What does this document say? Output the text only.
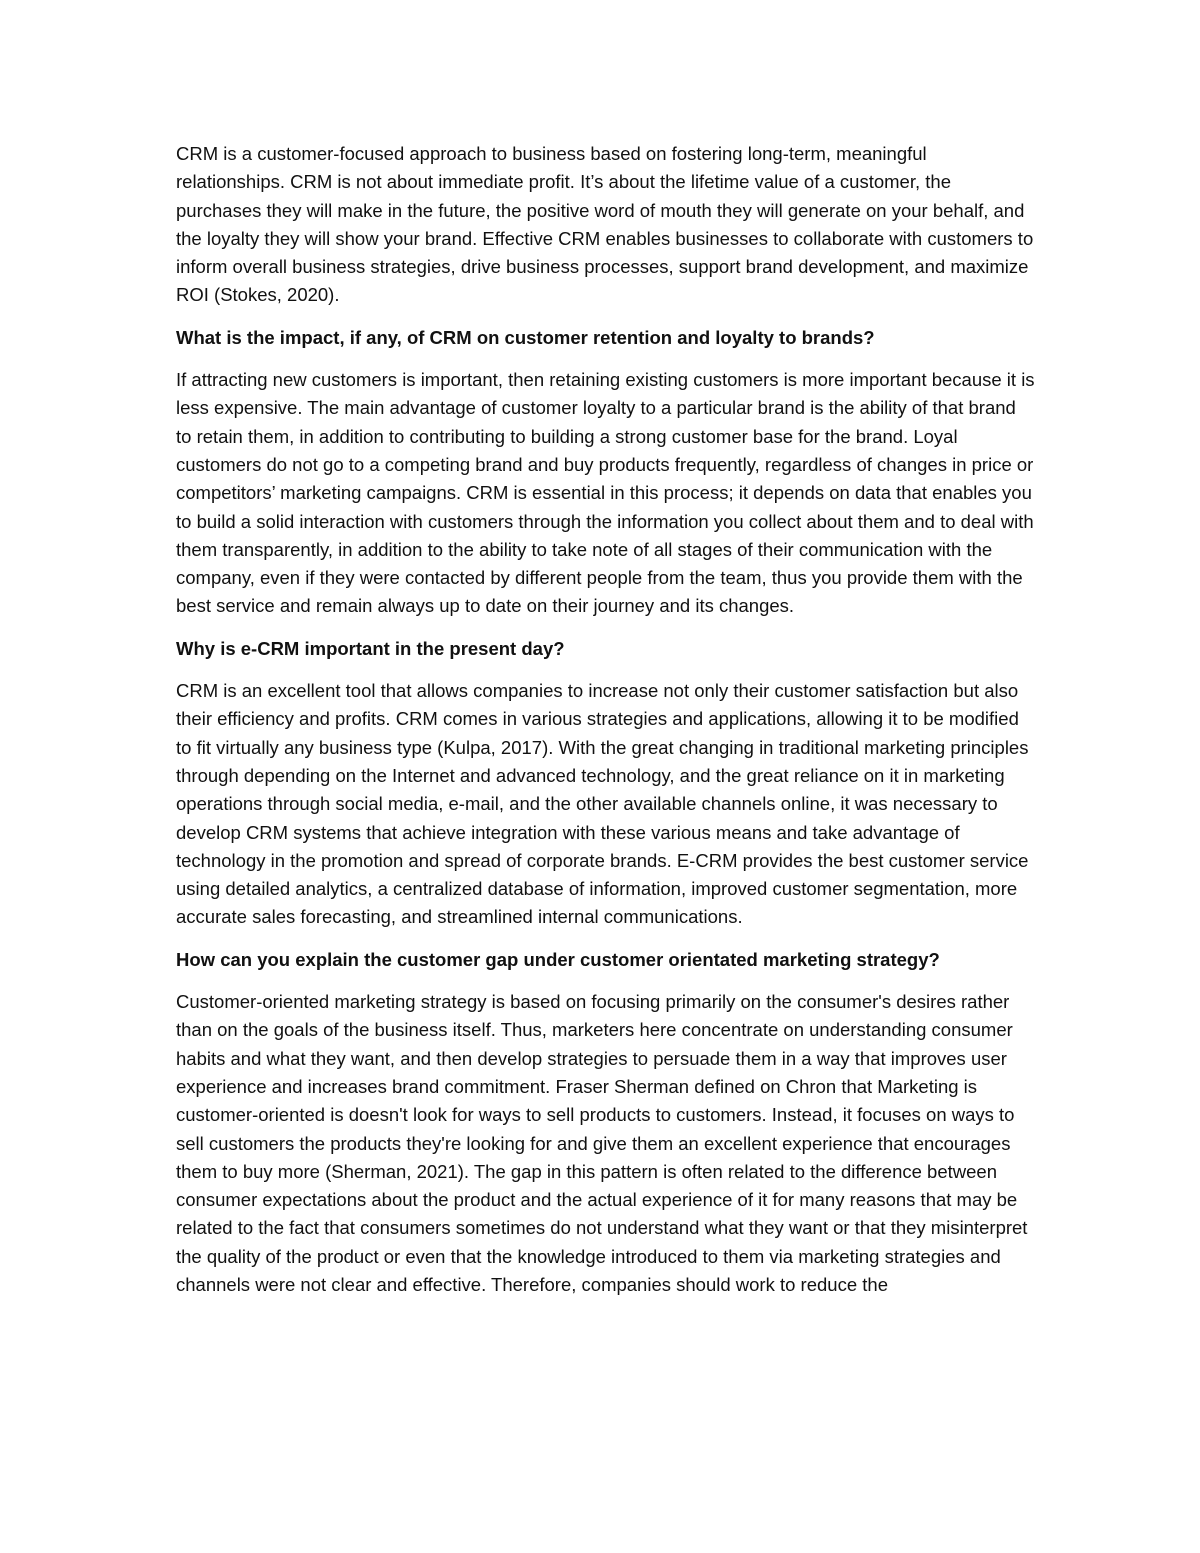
CRM is a customer-focused approach to business based on fostering long-term, meaningful relationships. CRM is not about immediate profit. It’s about the lifetime value of a customer, the purchases they will make in the future, the positive word of mouth they will generate on your behalf, and the loyalty they will show your brand. Effective CRM enables businesses to collaborate with customers to inform overall business strategies, drive business processes, support brand development, and maximize ROI (Stokes, 2020).

What is the impact, if any, of CRM on customer retention and loyalty to brands?

If attracting new customers is important, then retaining existing customers is more important because it is less expensive. The main advantage of customer loyalty to a particular brand is the ability of that brand to retain them, in addition to contributing to building a strong customer base for the brand. Loyal customers do not go to a competing brand and buy products frequently, regardless of changes in price or competitors’ marketing campaigns. CRM is essential in this process; it depends on data that enables you to build a solid interaction with customers through the information you collect about them and to deal with them transparently, in addition to the ability to take note of all stages of their communication with the company, even if they were contacted by different people from the team, thus you provide them with the best service and remain always up to date on their journey and its changes.

Why is e-CRM important in the present day?

CRM is an excellent tool that allows companies to increase not only their customer satisfaction but also their efficiency and profits. CRM comes in various strategies and applications, allowing it to be modified to fit virtually any business type (Kulpa, 2017). With the great changing in traditional marketing principles through depending on the Internet and advanced technology, and the great reliance on it in marketing operations through social media, e-mail, and the other available channels online, it was necessary to develop CRM systems that achieve integration with these various means and take advantage of technology in the promotion and spread of corporate brands. E-CRM provides the best customer service using detailed analytics, a centralized database of information, improved customer segmentation, more accurate sales forecasting, and streamlined internal communications.

How can you explain the customer gap under customer orientated marketing strategy?

Customer-oriented marketing strategy is based on focusing primarily on the consumer's desires rather than on the goals of the business itself. Thus, marketers here concentrate on understanding consumer habits and what they want, and then develop strategies to persuade them in a way that improves user experience and increases brand commitment. Fraser Sherman defined on Chron that Marketing is customer-oriented is doesn't look for ways to sell products to customers. Instead, it focuses on ways to sell customers the products they're looking for and give them an excellent experience that encourages them to buy more (Sherman, 2021). The gap in this pattern is often related to the difference between consumer expectations about the product and the actual experience of it for many reasons that may be related to the fact that consumers sometimes do not understand what they want or that they misinterpret the quality of the product or even that the knowledge introduced to them via marketing strategies and channels were not clear and effective. Therefore, companies should work to reduce the
